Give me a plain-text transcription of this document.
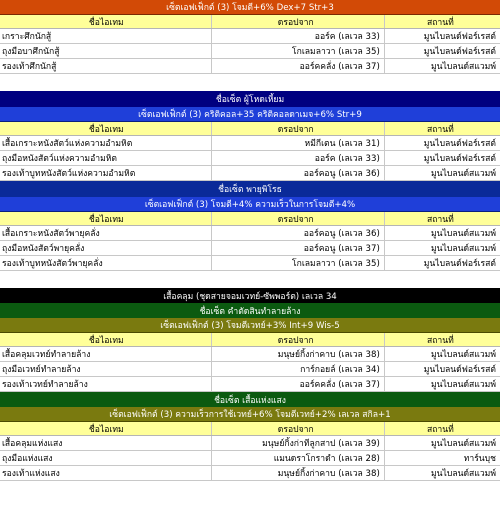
เซ็ตเอฟเฟ็กต์ (3) โจมตี+6% Dex+7 Str+3
ชื่อไอเทม	ดรอปจาก	สถานที่
เกราะศึกนักสู้	ออร์ค (เลเวล 33)	มูนไบลนด์ฟอร์เรสต์
ถุงมือบาศึกนักสู้	โกเลมลาวา (เลเวล 35)	มูนไบลนด์ฟอร์เรสต์
รองเท้าศึกนักสู้	ออร์คคลั่ง (เลเวล 37)	มูนไบลนด์สแวมพ์
ชื่อเซ็ต ผู้โหดเหี้ยม
เซ็ตเอฟเฟ็กต์ (3) คริติคอล+35 คริติคอลดาเมจ+6% Str+9
ชื่อไอเทม	ดรอปจาก	สถานที่
เสื้อเกราะหนังสัตว์แห่งความอำมหิต	หมีกีเตน (เลเวล 31)	มูนไบลนด์ฟอร์เรสต์
ถุงมือหนังสัตว์แห่งความอำมหิต	ออร์ค (เลเวล 33)	มูนไบลนด์ฟอร์เรสต์
รองเท้าบูทหนังสัตว์แห่งความอำมหิต	ออร์คอนู (เลเวล 36)	มูนไบลนด์สแวมพ์
ชื่อเซ็ต พายุพิโรธ
เซ็ตเอฟเฟ็กต์ (3) โจมตี+4% ความเร็วในการโจมตี+4%
ชื่อไอเทม	ดรอปจาก	สถานที่
เสื้อเกราะหนังสัตว์พายุคลั่ง	ออร์คอนู (เลเวล 36)	มูนไบลนด์สแวมพ์
ถุงมือหนังสัตว์พายุคลั่ง	ออร์คอนู (เลเวล 37)	มูนไบลนด์สแวมพ์
รองเท้าบูทหนังสัตว์พายุคลั่ง	โกเลมลาวา (เลเวล 35)	มูนไบลนด์ฟอร์เรสต์
เสื้อคลุม (ชุดสายจอมเวทย์-ซัพพอร์ต) เลเวล 34
ชื่อเซ็ต คำตัดสินทำลายล้าง
เซ็ตเอฟเฟ็กต์ (3) โจมตีเวทย์+3% Int+9 Wis-5
ชื่อไอเทม	ดรอปจาก	สถานที่
เสื้อคลุมเวทย์ทำลายล้าง	มนุษย์กิ้งก่าคาบ (เลเวล 38)	มูนไบลนด์สแวมพ์
ถุงมือเวทย์ทำลายล้าง	การ์กอยล์ (เลเวล 34)	มูนไบลนด์ฟอร์เรสต์
รองเท้าเวทย์ทำลายล้าง	ออร์คคลั่ง (เลเวล 37)	มูนไบลนด์สแวมพ์
ชื่อเซ็ต เสื้อแห่งแสง
เซ็ตเอฟเฟ็กต์ (3) ความเร็วการใช้เวทย์+6% โจมตีเวทย์+2% เลเวล สกิล+1
ชื่อไอเทม	ดรอปจาก	สถานที่
เสื้อคลุมแห่งแสง	มนุษย์กิ้งก่าทีลูกสาป (เลเวล 39)	มูนไบลนด์สแวมพ์
ถุงมือแห่งแสง	แมนดราโกราดำ (เลเวล 28)	ทาร์นบุช
รองเท้าแห่งแสง	มนุษย์กิ้งก่าคาบ (เลเวล 38)	มูนไบลนด์สแวมพ์
